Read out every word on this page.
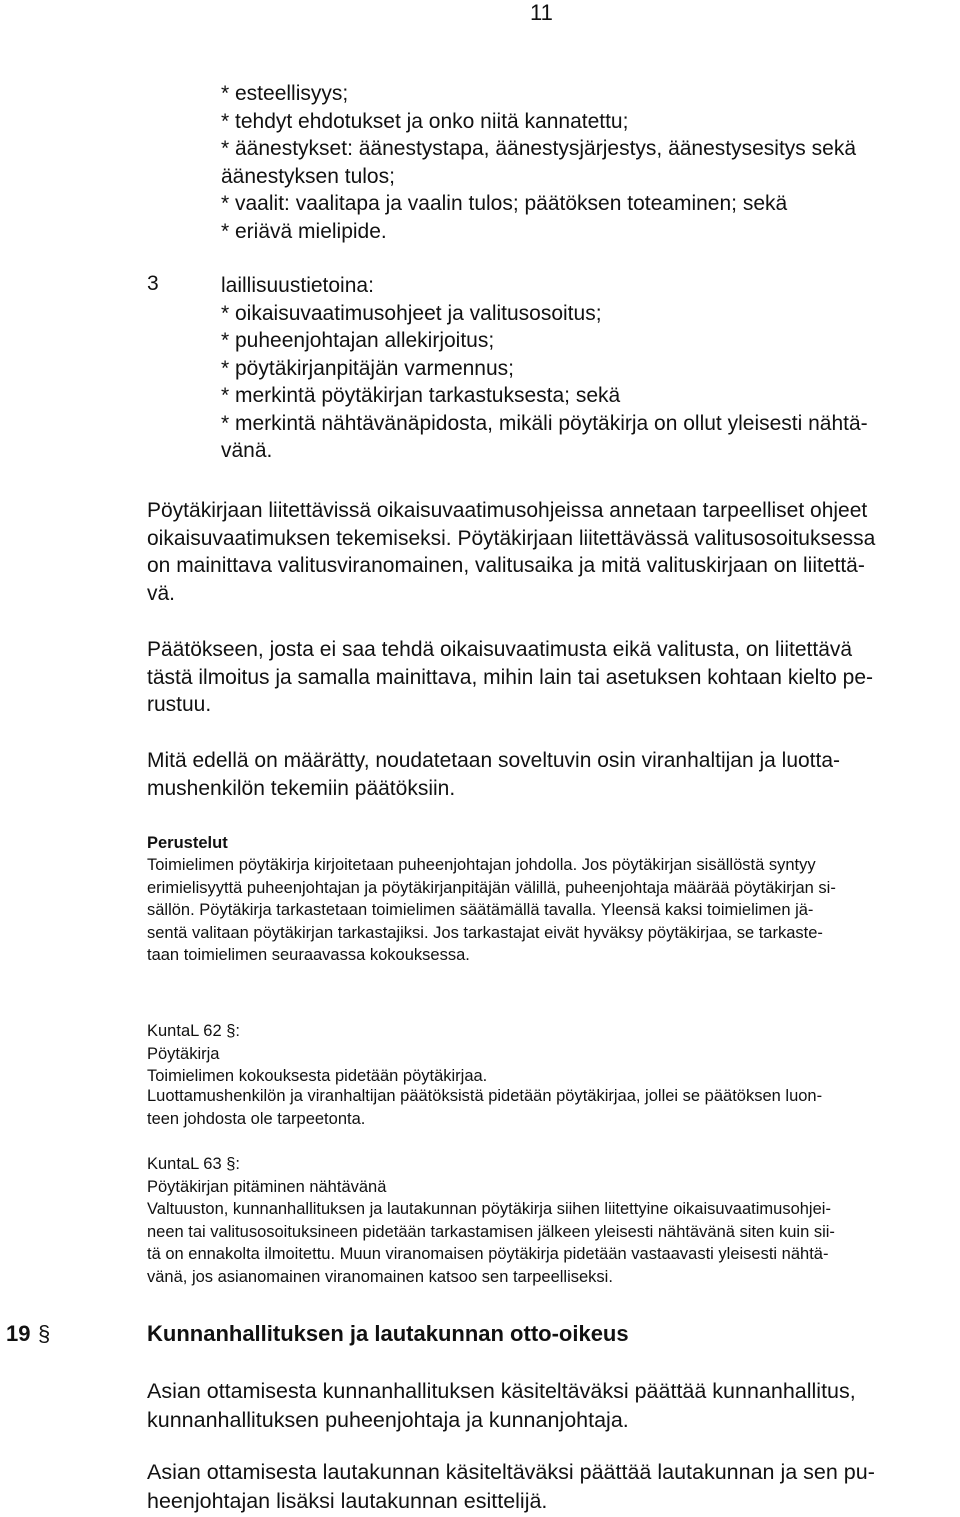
11
* esteellisyys;
* tehdyt ehdotukset ja onko niitä kannatettu;
* äänestykset: äänestystapa, äänestysjärjestys, äänestysesitys sekä
äänestyksen tulos;
* vaalit: vaalitapa ja vaalin tulos; päätöksen toteaminen; sekä
* eriävä mielipide.
3	laillisuustietoina:
* oikaisuvaatimusohjeet ja valitusosoitus;
* puheenjohtajan allekirjoitus;
* pöytäkirjanpitäjän varmennus;
* merkintä pöytäkirjan tarkastuksesta; sekä
* merkintä nähtävänäpidosta, mikäli pöytäkirja on ollut yleisesti nähtä-
vänä.
Pöytäkirjaan liitettävissä oikaisuvaatimusohjeissa annetaan tarpeelliset ohjeet
oikaisuvaatimuksen tekemiseksi. Pöytäkirjaan liitettävässä valitusosoituksessa
on mainittava valitusviranomainen, valitusaika ja mitä valituskirjaan on liitettä-
vä.
Päätökseen, josta ei saa tehdä oikaisuvaatimusta eikä valitusta, on liitettävä
tästä ilmoitus ja samalla mainittava, mihin lain tai asetuksen kohtaan kielto pe-
rustuu.
Mitä edellä on määrätty, noudatetaan soveltuvin osin viranhaltijan ja luotta-
mushenkilön tekemiin päätöksiin.
Perustelut
Toimielimen pöytäkirja kirjoitetaan puheenjohtajan johdolla. Jos pöytäkirjan sisällöstä syntyy
erimielisyyttä puheenjohtajan ja pöytäkirjanpitäjän välillä, puheenjohtaja määrää pöytäkirjan si-
sällön. Pöytäkirja tarkastetaan toimielimen säätämällä tavalla. Yleensä kaksi toimielimen jä-
sentä valitaan pöytäkirjan tarkastajiksi. Jos tarkastajat eivät hyväksy pöytäkirjaa, se tarkaste-
taan toimielimen seuraavassa kokouksessa.
KuntaL 62 §:
Pöytäkirja
Toimielimen kokouksesta pidetään pöytäkirjaa.
Luottamushenkilön ja viranhaltijan päätöksistä pidetään pöytäkirjaa, jollei se päätöksen luon-
teen johdosta ole tarpeetonta.
KuntaL 63 §:
Pöytäkirjan pitäminen nähtävänä
Valtuuston, kunnanhallituksen ja lautakunnan pöytäkirja siihen liitettyine oikaisuvaatimusohjei-
neen tai valitusosoituksineen pidetään tarkastamisen jälkeen yleisesti nähtävänä siten kuin sii-
tä on ennakolta ilmoitettu. Muun viranomaisen pöytäkirja pidetään vastaavasti yleisesti nähtä-
vänä, jos asianomainen viranomainen katsoo sen tarpeelliseksi.
19 §	Kunnanhallituksen ja lautakunnan otto-oikeus
Asian ottamisesta kunnanhallituksen käsiteltäväksi päättää kunnanhallitus,
kunnanhallituksen puheenjohtaja ja kunnanjohtaja.
Asian ottamisesta lautakunnan käsiteltäväksi päättää lautakunnan ja sen pu-
heenjohtajan lisäksi lautakunnan esittelijä.
